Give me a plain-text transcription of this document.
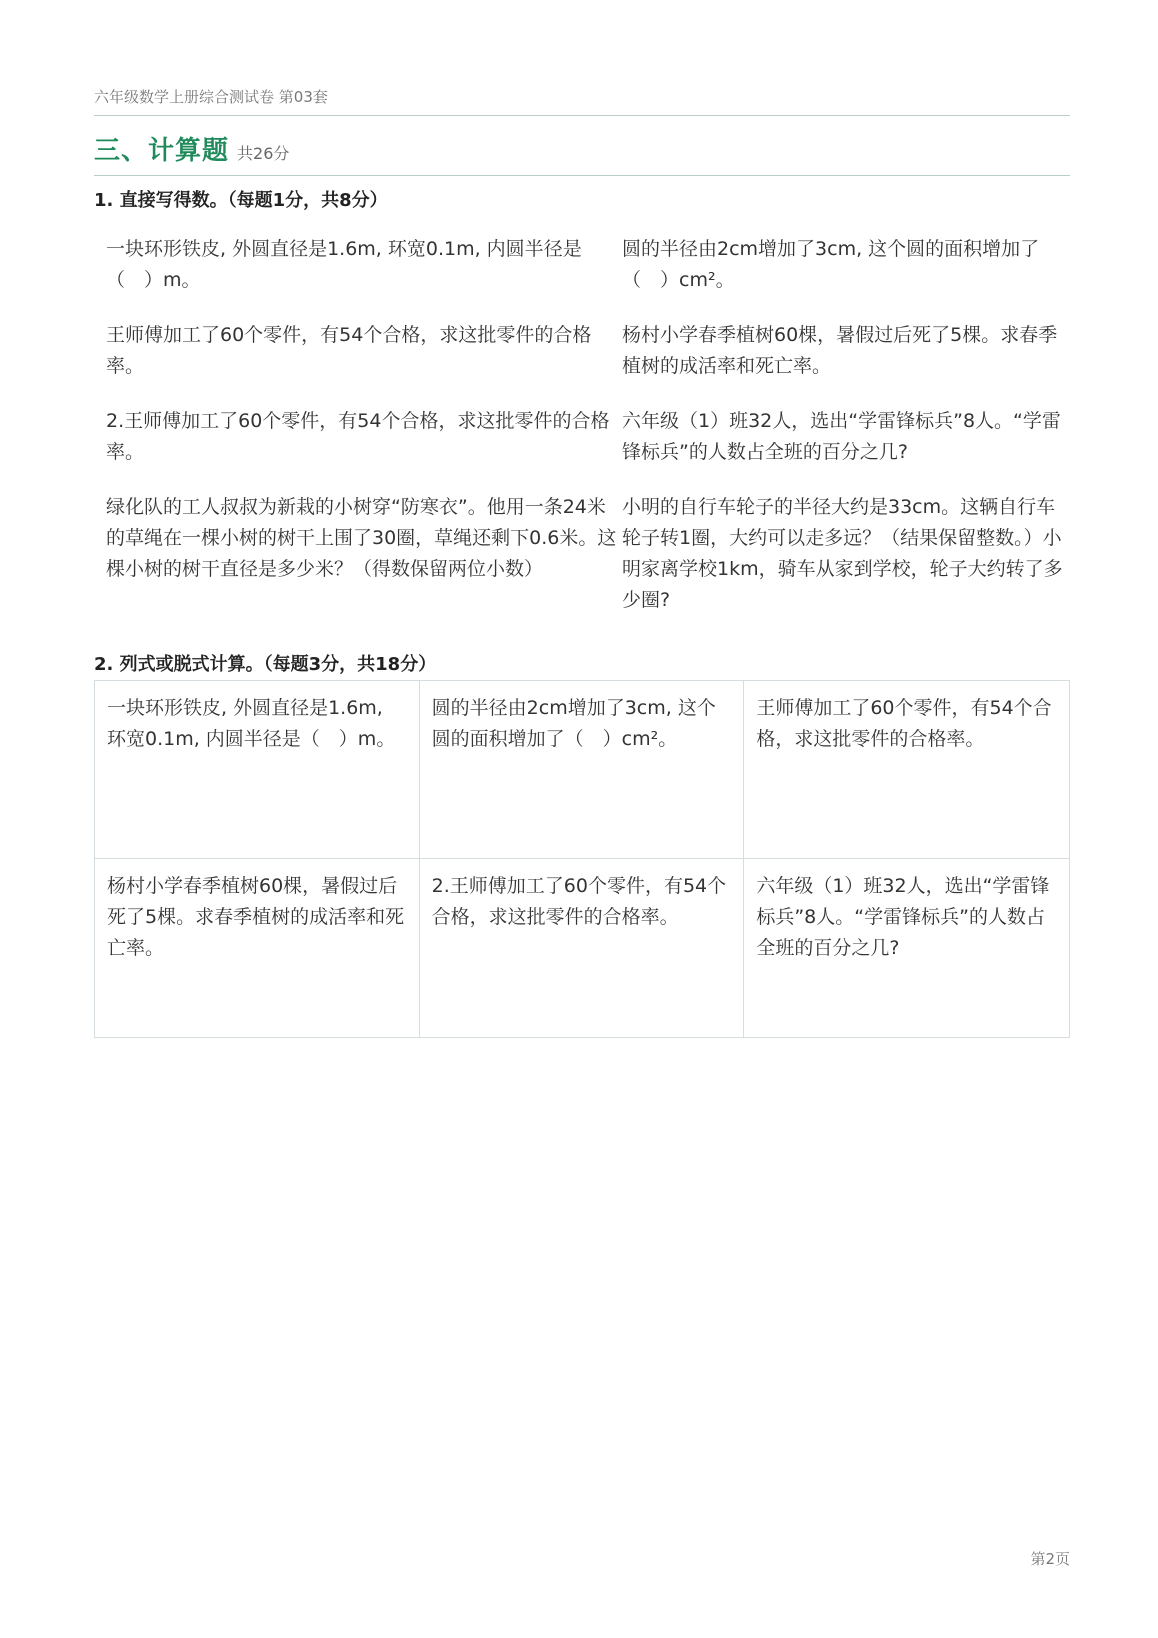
六年级数学上册综合测试卷 第03套
三、计算题 共26分
1. 直接写得数。（每题1分，共8分）
一块环形铁皮, 外圆直径是1.6m, 环宽0.1m, 内圆半径是（　）m。
圆的半径由2cm增加了3cm, 这个圆的面积增加了（　）cm²。
王师傅加工了60个零件，有54个合格，求这批零件的合格率。
杨村小学春季植树60棵，暑假过后死了5棵。求春季植树的成活率和死亡率。
2.王师傅加工了60个零件，有54个合格，求这批零件的合格率。
六年级（1）班32人，选出“学雷锋标兵”8人。“学雷锋标兵”的人数占全班的百分之几?
绿化队的工人叔叔为新栽的小树穿“防寒衣”。他用一条24米的草绳在一棵小树的树干上围了30圈，草绳还剩下0.6米。这棵小树的树干直径是多少米？（得数保留两位小数）
小明的自行车轮子的半径大约是33cm。这辆自行车轮子转1圈，大约可以走多远？（结果保留整数。）小明家离学校1km，骑车从家到学校，轮子大约转了多少圈?
2. 列式或脱式计算。（每题3分，共18分）
一块环形铁皮, 外圆直径是1.6m, 环宽0.1m, 内圆半径是（　）m。
圆的半径由2cm增加了3cm, 这个圆的面积增加了（　）cm²。
王师傅加工了60个零件，有54个合格，求这批零件的合格率。
杨村小学春季植树60棵，暑假过后死了5棵。求春季植树的成活率和死亡率。
2.王师傅加工了60个零件，有54个合格，求这批零件的合格率。
六年级（1）班32人，选出“学雷锋标兵”8人。“学雷锋标兵”的人数占全班的百分之几?
第2页
